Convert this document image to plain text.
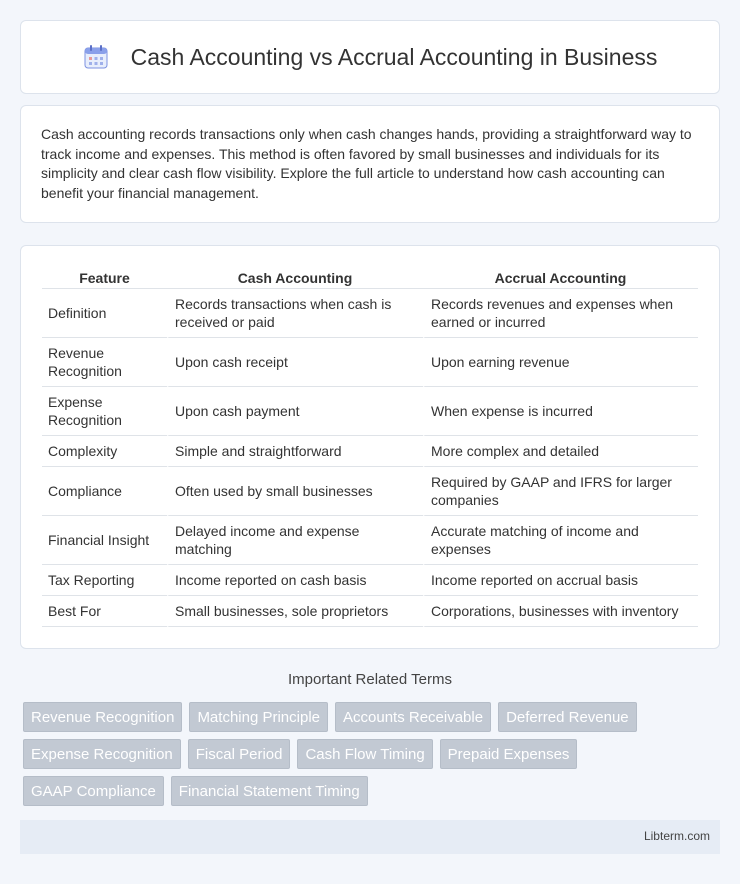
Cash Accounting vs Accrual Accounting in Business

Cash accounting records transactions only when cash changes hands, providing a straightforward way to track income and expenses. This method is often favored by small businesses and individuals for its simplicity and clear cash flow visibility. Explore the full article to understand how cash accounting can benefit your financial management.

Feature	Cash Accounting	Accrual Accounting
Definition	Records transactions when cash is received or paid	Records revenues and expenses when earned or incurred
Revenue Recognition	Upon cash receipt	Upon earning revenue
Expense Recognition	Upon cash payment	When expense is incurred
Complexity	Simple and straightforward	More complex and detailed
Compliance	Often used by small businesses	Required by GAAP and IFRS for larger companies
Financial Insight	Delayed income and expense matching	Accurate matching of income and expenses
Tax Reporting	Income reported on cash basis	Income reported on accrual basis
Best For	Small businesses, sole proprietors	Corporations, businesses with inventory
Important Related Terms
Revenue Recognition	Matching Principle	Accounts Receivable	Deferred Revenue
Expense Recognition	Fiscal Period	Cash Flow Timing	Prepaid Expenses
GAAP Compliance	Financial Statement Timing
Libterm.com
